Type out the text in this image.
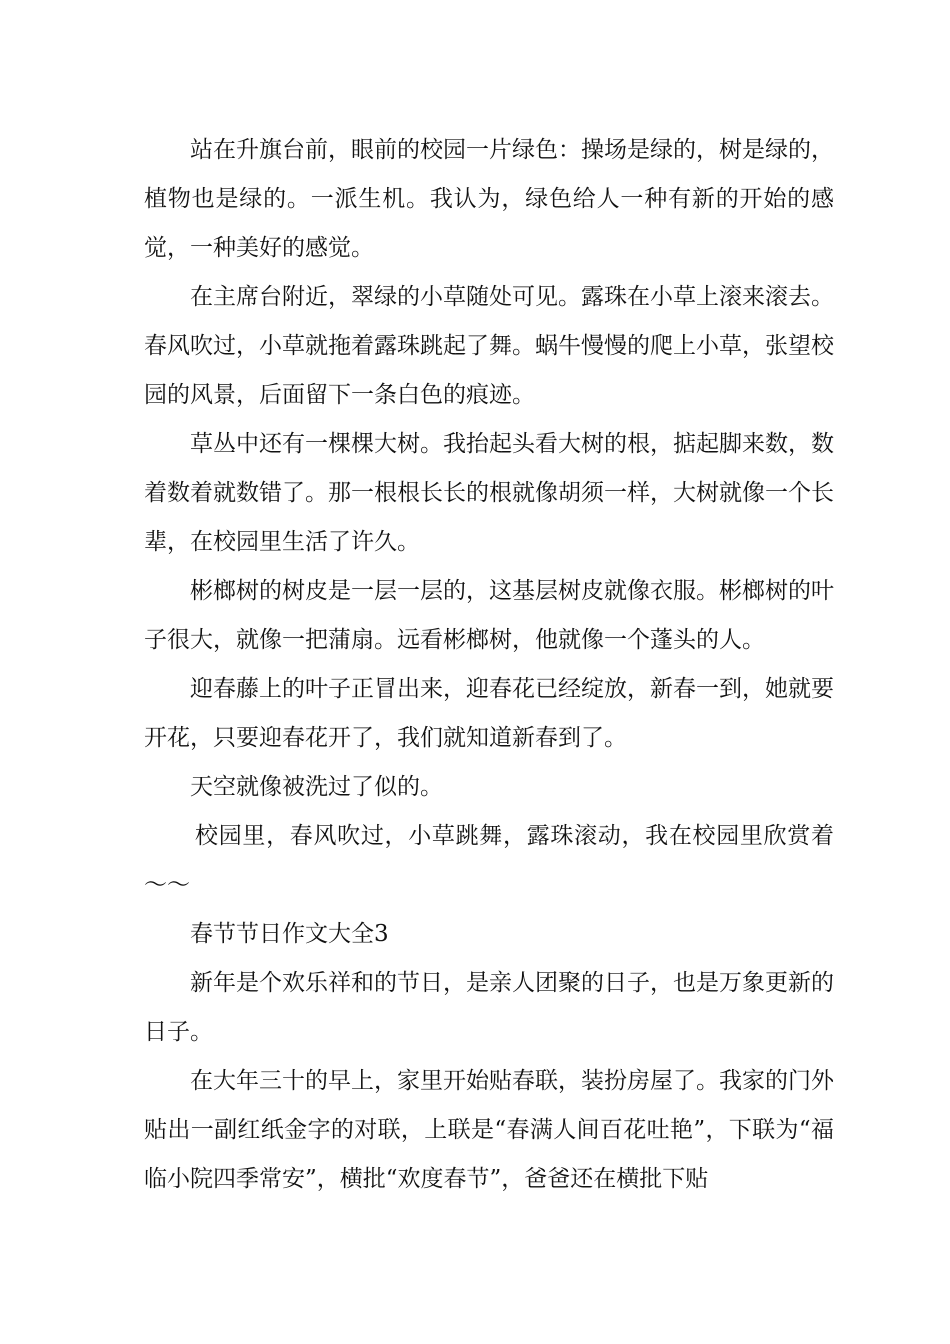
站在升旗台前，眼前的校园一片绿色：操场是绿的，树是绿的，植物也是绿的。一派生机。我认为，绿色给人一种有新的开始的感觉，一种美好的感觉。

在主席台附近，翠绿的小草随处可见。露珠在小草上滚来滚去。春风吹过，小草就拖着露珠跳起了舞。蜗牛慢慢的爬上小草，张望校园的风景，后面留下一条白色的痕迹。

草丛中还有一棵棵大树。我抬起头看大树的根，掂起脚来数，数着数着就数错了。那一根根长长的根就像胡须一样，大树就像一个长辈，在校园里生活了许久。

彬榔树的树皮是一层一层的，这基层树皮就像衣服。彬榔树的叶子很大，就像一把蒲扇。远看彬榔树，他就像一个蓬头的人。

迎春藤上的叶子正冒出来，迎春花已经绽放，新春一到，她就要开花，只要迎春花开了，我们就知道新春到了。

天空就像被洗过了似的。

校园里，春风吹过，小草跳舞，露珠滚动，我在校园里欣赏着～～

春节节日作文大全3

新年是个欢乐祥和的节日，是亲人团聚的日子，也是万象更新的日子。

在大年三十的早上，家里开始贴春联，装扮房屋了。我家的门外贴出一副红纸金字的对联，上联是“春满人间百花吐艳”，下联为“福临小院四季常安”，横批“欢度春节”，爸爸还在横批下贴
